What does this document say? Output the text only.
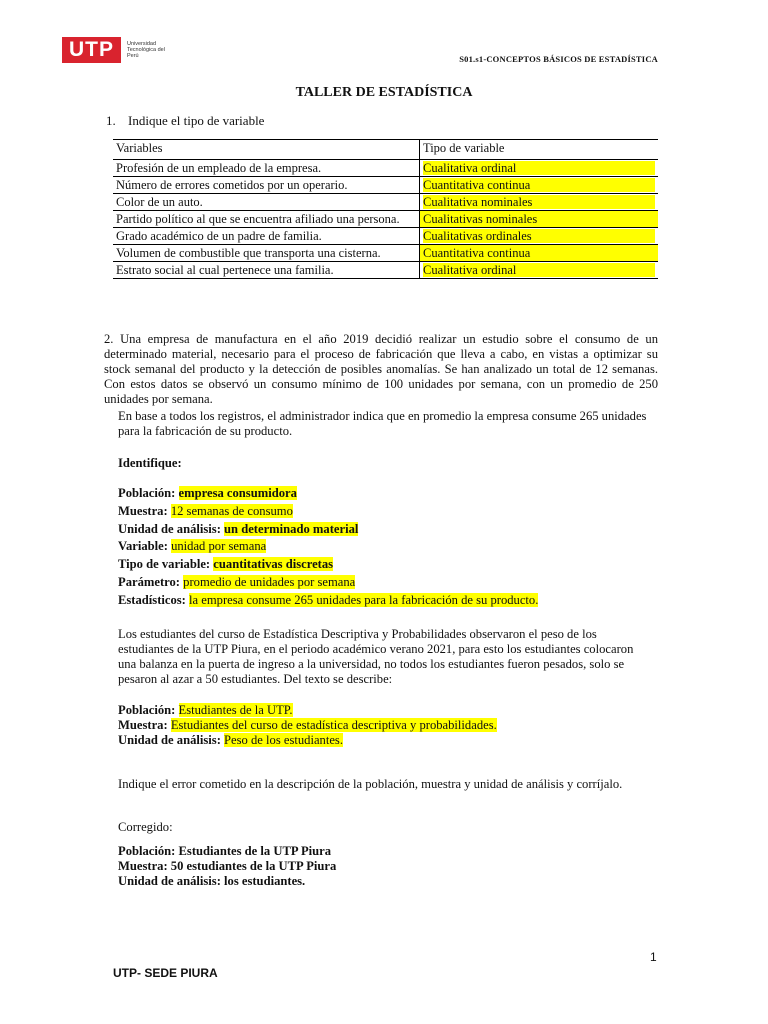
UTP	Universidad Tecnológica del Perú	S01.s1-CONCEPTOS BÁSICOS DE ESTADÍSTICA
TALLER DE ESTADÍSTICA
1. Indique el tipo de variable
Variables	Tipo de variable
Profesión de un empleado de la empresa.	Cualitativa ordinal

Número de errores cometidos por un operario.	Cuantitativa continua

Color de un auto.	Cualitativa nominales

Partido político al que se encuentra afiliado una persona.	Cualitativas nominales

Grado académico de un padre de familia.	Cualitativas ordinales

Volumen de combustible que transporta una cisterna.	Cuantitativa continua

Estrato social al cual pertenece una familia.	Cualitativa ordinal
2. Una empresa de manufactura en el año 2019 decidió realizar un estudio sobre el consumo de un determinado material, necesario para el proceso de fabricación que lleva a cabo, en vistas a optimizar su stock semanal del producto y la detección de posibles anomalías. Se han analizado un total de 12 semanas. Con estos datos se observó un consumo mínimo de 100 unidades por semana, con un promedio de 250 unidades por semana.
En base a todos los registros, el administrador indica que en promedio la empresa consume 265 unidades para la fabricación de su producto.
Identifique:
Población: empresa consumidora
Muestra: 12 semanas de consumo
Unidad de análisis: un determinado material
Variable: unidad por semana
Tipo de variable: cuantitativas discretas
Parámetro: promedio de unidades por semana
Estadísticos: la empresa consume 265 unidades para la fabricación de su producto.
Los estudiantes del curso de Estadística Descriptiva y Probabilidades observaron el peso de los estudiantes de la UTP Piura, en el periodo académico verano 2021, para esto los estudiantes colocaron una balanza en la puerta de ingreso a la universidad, no todos los estudiantes fueron pesados, solo se pesaron al azar a 50 estudiantes. Del texto se describe:
Población: Estudiantes de la UTP.
Muestra: Estudiantes del curso de estadística descriptiva y probabilidades.
Unidad de análisis: Peso de los estudiantes.
Indique el error cometido en la descripción de la población, muestra y unidad de análisis y corríjalo.
Corregido:
Población: Estudiantes de la UTP Piura
Muestra: 50 estudiantes de la UTP Piura
Unidad de análisis: los estudiantes.
UTP- SEDE PIURA
1
